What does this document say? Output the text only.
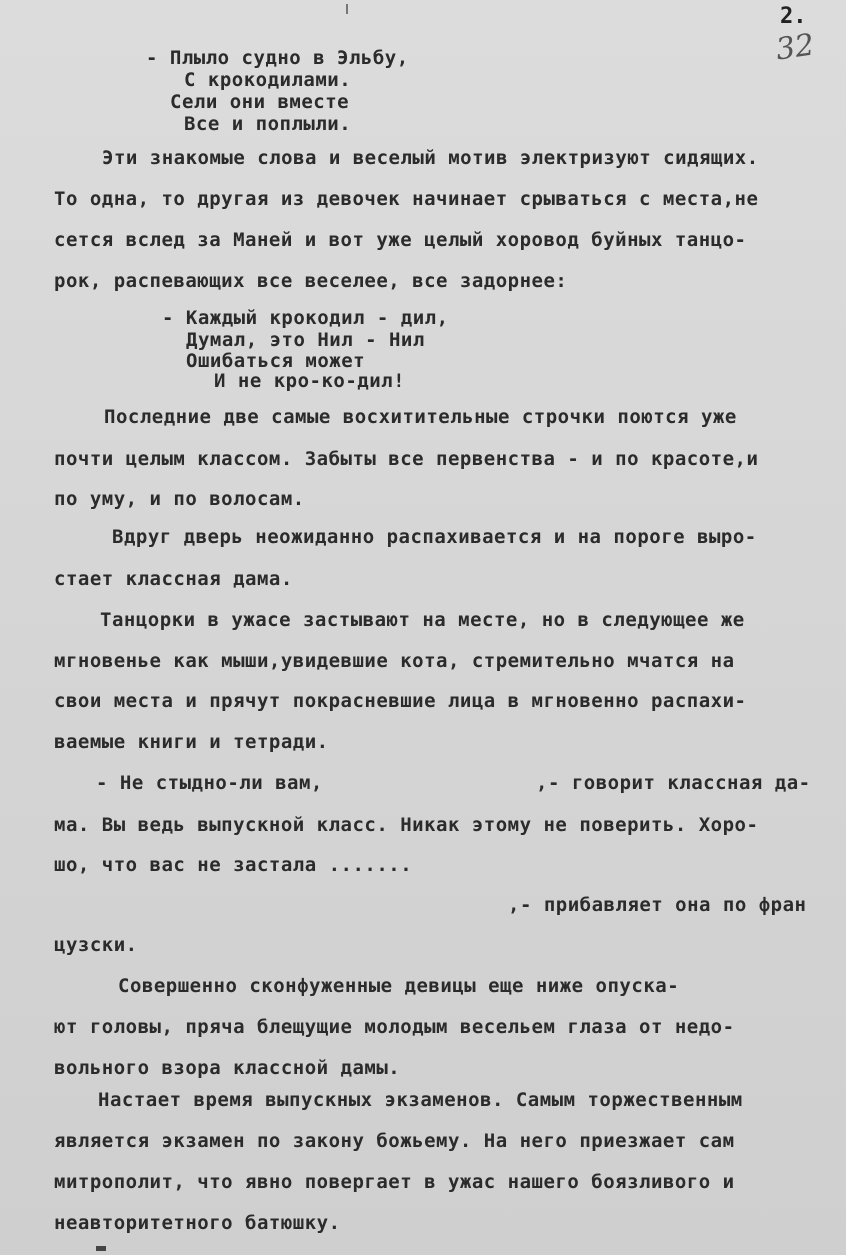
2.
32
- Плыло судно в Эльбу,
С крокодилами.
Сели они вместе
Все и поплыли.
Эти знакомые слова и веселый мотив электризуют сидящих.
То одна, то другая из девочек начинает срываться с места,не
сется вслед за Маней и вот уже целый хоровод буйных танцо-
рок, распевающих все веселее, все задорнее:
- Каждый крокодил - дил,
Думал, это Нил - Нил
Ошибаться может
И не кро-ко-дил!
Последние две самые восхитительные строчки поются уже
почти целым классом. Забыты все первенства - и по красоте,и
по уму, и по волосам.
Вдруг дверь неожиданно распахивается и на пороге выро-
стает классная дама.
Танцорки в ужасе застывают на месте, но в следующее же
мгновенье как мыши,увидевшие кота, стремительно мчатся на
свои места и прячут покрасневшие лица в мгновенно распахи-
ваемые книги и тетради.
- Не стыдно-ли вам,	,- говорит классная да-
ма. Вы ведь выпускной класс. Никак этому не поверить. Хоро-
шо, что вас не застала .......
,- прибавляет она по фран
цузски.
Совершенно сконфуженные девицы еще ниже опуска-
ют головы, пряча блещущие молодым весельем глаза от недо-
вольного взора классной дамы.
Настает время выпускных экзаменов. Самым торжественным
является экзамен по закону божьему. На него приезжает сам
митрополит, что явно повергает в ужас нашего боязливого и
неавторитетного батюшку.
